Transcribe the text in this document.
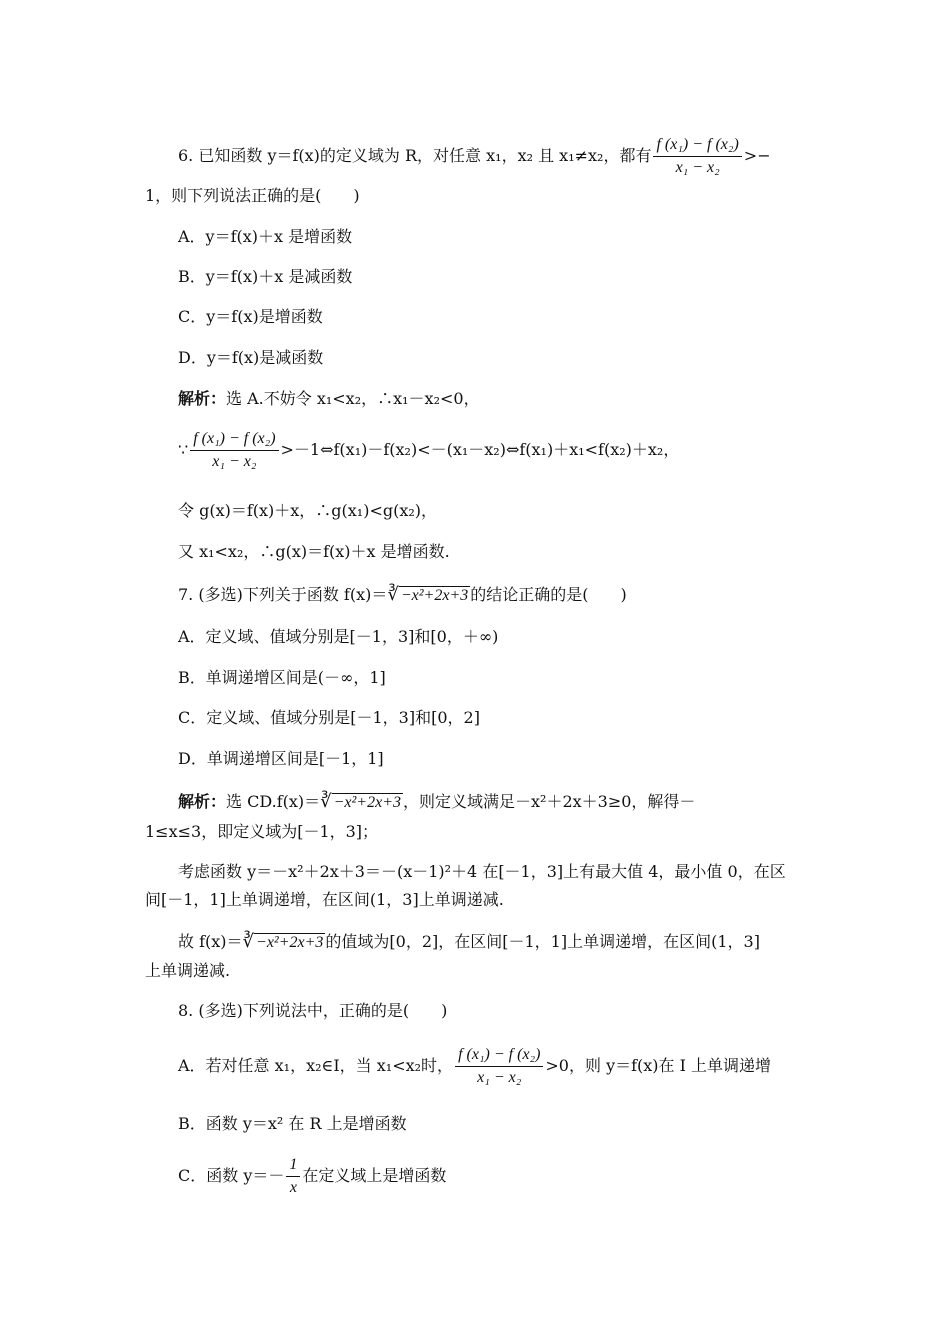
6. 已知函数 y＝f(x)的定义域为 R，对任意 x₁，x₂ 且 x₁≠x₂，都有 $\frac{\text{f (x₁) − f (x₂)}}{\text{x₁ − x₂}}$ >−
1，则下列说法正确的是(　　)
A．y＝f(x)＋x 是增函数
B．y＝f(x)＋x 是减函数
C．y＝f(x)是增函数
D．y＝f(x)是减函数
解析：选 A.不妨令 x₁<x₂，∴x₁－x₂<0，
∵ $\frac{\text{f (x₁) − f (x₂)}}{\text{x₁ − x₂}}$ >－1⇔f(x₁)－f(x₂)<－(x₁－x₂)⇔f(x₁)＋x₁<f(x₂)＋x₂，
令 g(x)＝f(x)＋x，∴g(x₁)<g(x₂)，
又 x₁<x₂，∴g(x)＝f(x)＋x 是增函数.
7. (多选)下列关于函数 f(x)＝∛ −x²+2x+3 的结论正确的是(　　)
A．定义域、值域分别是[－1，3]和[0，＋∞)
B．单调递增区间是(－∞，1]
C．定义域、值域分别是[－1，3]和[0，2]
D．单调递增区间是[－1，1]
解析：选 CD.f(x)＝∛ −x²+2x+3 ，则定义域满足－x²＋2x＋3≥0，解得－
1≤x≤3，即定义域为[－1，3]；
考虑函数 y＝－x²＋2x＋3＝－(x－1)²＋4 在[－1，3]上有最大值 4，最小值 0，在区
间[－1，1]上单调递增，在区间(1，3]上单调递减.
故 f(x)＝∛ −x²+2x+3 的值域为[0，2]，在区间[－1，1]上单调递增，在区间(1，3]
上单调递减.
8. (多选)下列说法中，正确的是(　　)
A．若对任意 x₁，x₂∈I，当 x₁<x₂时， $\frac{\text{f (x₁) − f (x₂)}}{\text{x₁ − x₂}} >0$，则 y＝f(x)在 I 上单调递增
B．函数 y＝x² 在 R 上是增函数
C．函数 $y=- \frac{1}{x}$ 在定义域上是增函数
